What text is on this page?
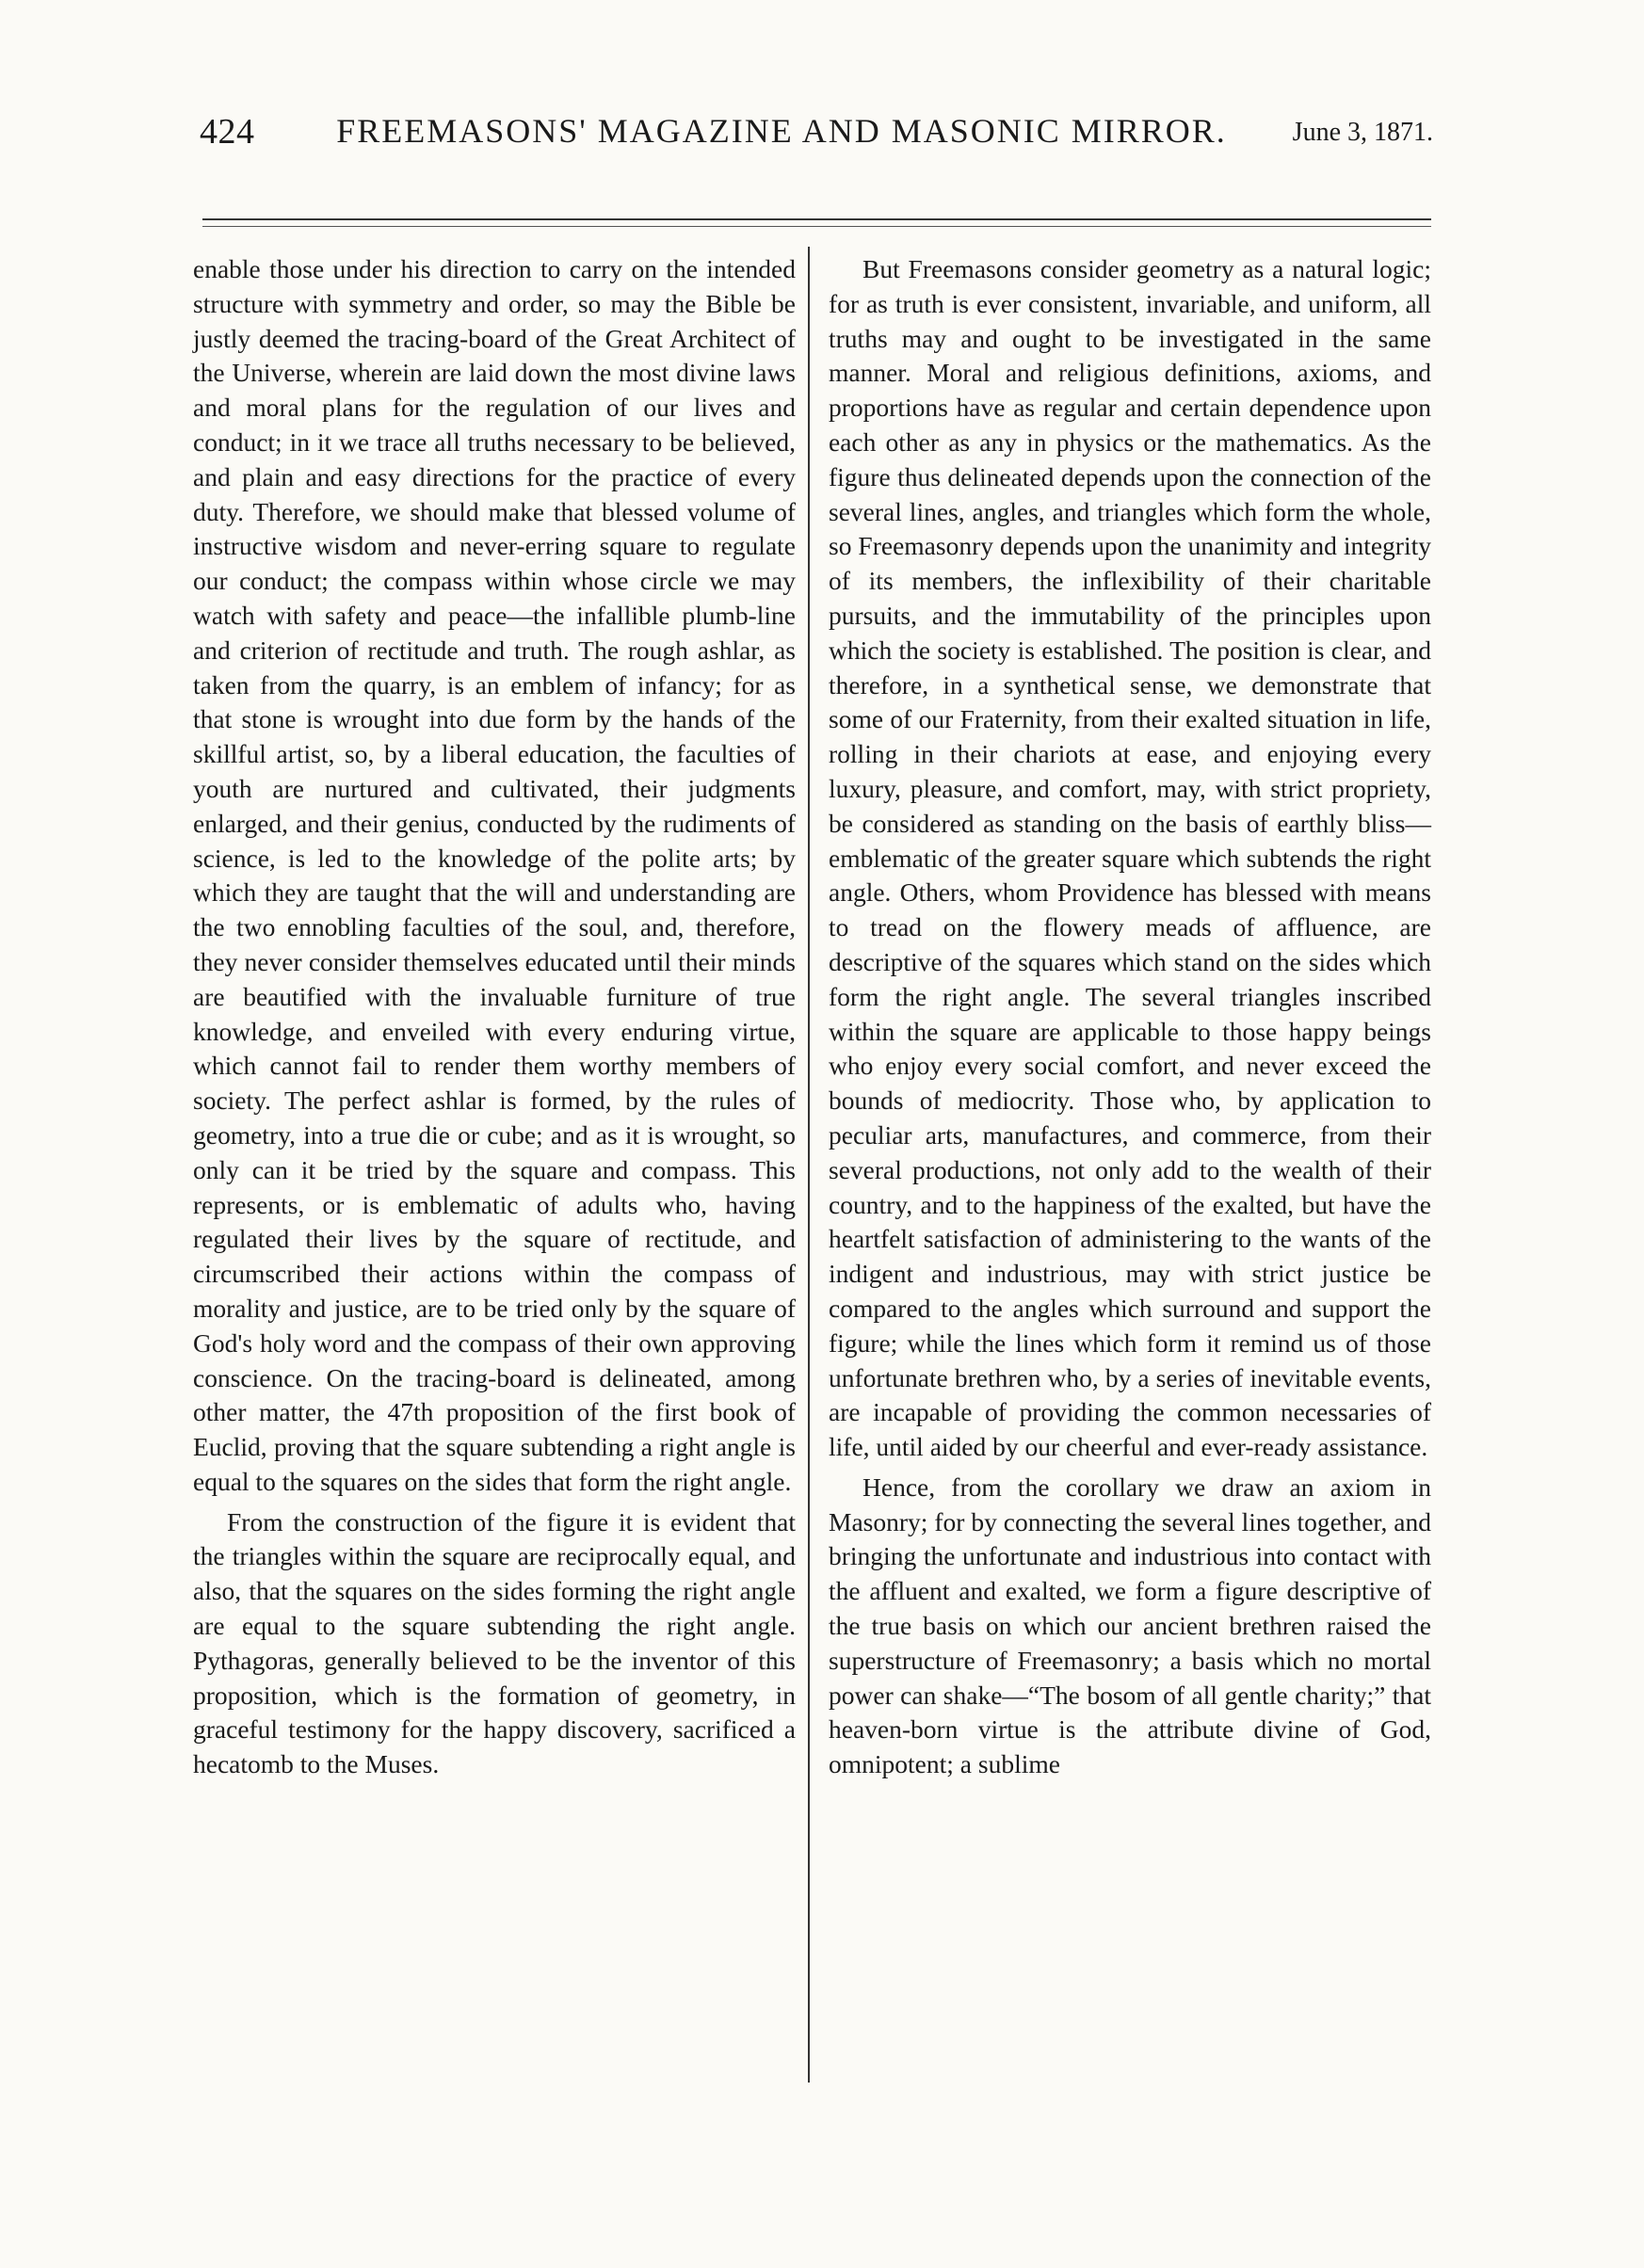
424	FREEMASONS' MAGAZINE AND MASONIC MIRROR.	June 3, 1871.

enable those under his direction to carry on the intended structure with symmetry and order, so may the Bible be justly deemed the tracing-board of the Great Architect of the Universe, wherein are laid down the most divine laws and moral plans for the regulation of our lives and conduct; in it we trace all truths necessary to be believed, and plain and easy directions for the practice of every duty. Therefore, we should make that blessed volume of instructive wisdom and never-erring square to regulate our conduct; the compass within whose circle we may watch with safety and peace—the infallible plumb-line and criterion of rectitude and truth. The rough ashlar, as taken from the quarry, is an emblem of infancy; for as that stone is wrought into due form by the hands of the skillful artist, so, by a liberal education, the faculties of youth are nurtured and cultivated, their judgments enlarged, and their genius, conducted by the rudiments of science, is led to the knowledge of the polite arts; by which they are taught that the will and understanding are the two ennobling faculties of the soul, and, therefore, they never consider themselves educated until their minds are beautified with the invaluable furniture of true knowledge, and enveiled with every enduring virtue, which cannot fail to render them worthy members of society. The perfect ashlar is formed, by the rules of geometry, into a true die or cube; and as it is wrought, so only can it be tried by the square and compass. This represents, or is emblematic of adults who, having regulated their lives by the square of rectitude, and circumscribed their actions within the compass of morality and justice, are to be tried only by the square of God's holy word and the compass of their own approving conscience. On the tracing-board is delineated, among other matter, the 47th proposition of the first book of Euclid, proving that the square subtending a right angle is equal to the squares on the sides that form the right angle.

From the construction of the figure it is evident that the triangles within the square are reciprocally equal, and also, that the squares on the sides forming the right angle are equal to the square subtending the right angle. Pythagoras, generally believed to be the inventor of this proposition, which is the formation of geometry, in graceful testimony for the happy discovery, sacrificed a hecatomb to the Muses.

But Freemasons consider geometry as a natural logic; for as truth is ever consistent, invariable, and uniform, all truths may and ought to be investigated in the same manner. Moral and religious definitions, axioms, and proportions have as regular and certain dependence upon each other as any in physics or the mathematics. As the figure thus delineated depends upon the connection of the several lines, angles, and triangles which form the whole, so Freemasonry depends upon the unanimity and integrity of its members, the inflexibility of their charitable pursuits, and the immutability of the principles upon which the society is established. The position is clear, and therefore, in a synthetical sense, we demonstrate that some of our Fraternity, from their exalted situation in life, rolling in their chariots at ease, and enjoying every luxury, pleasure, and comfort, may, with strict propriety, be considered as standing on the basis of earthly bliss—emblematic of the greater square which subtends the right angle. Others, whom Providence has blessed with means to tread on the flowery meads of affluence, are descriptive of the squares which stand on the sides which form the right angle. The several triangles inscribed within the square are applicable to those happy beings who enjoy every social comfort, and never exceed the bounds of mediocrity. Those who, by application to peculiar arts, manufactures, and commerce, from their several productions, not only add to the wealth of their country, and to the happiness of the exalted, but have the heartfelt satisfaction of administering to the wants of the indigent and industrious, may with strict justice be compared to the angles which surround and support the figure; while the lines which form it remind us of those unfortunate brethren who, by a series of inevitable events, are incapable of providing the common necessaries of life, until aided by our cheerful and ever-ready assistance.

Hence, from the corollary we draw an axiom in Masonry; for by connecting the several lines together, and bringing the unfortunate and industrious into contact with the affluent and exalted, we form a figure descriptive of the true basis on which our ancient brethren raised the superstructure of Freemasonry; a basis which no mortal power can shake—“The bosom of all gentle charity;” that heaven-born virtue is the attribute divine of God, omnipotent; a sublime
